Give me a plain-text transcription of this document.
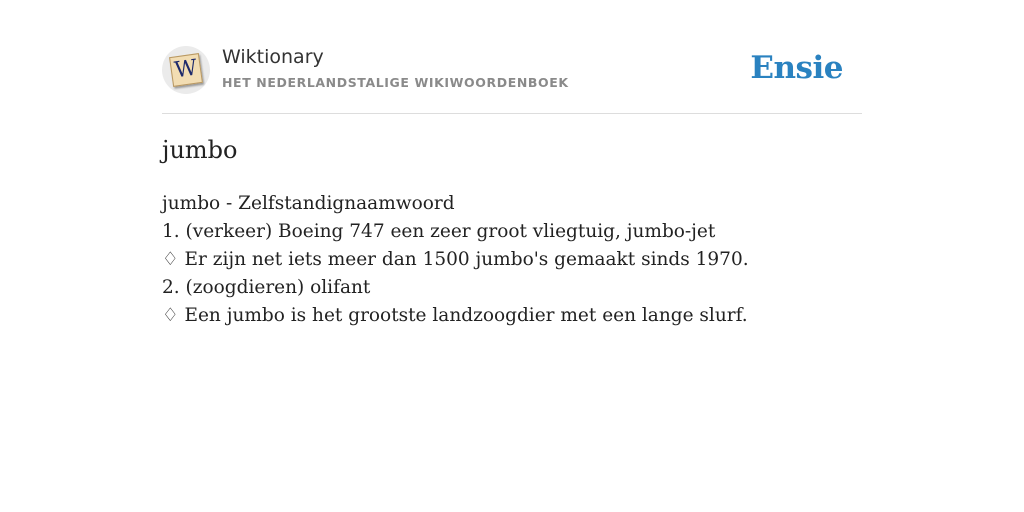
W Wiktionary
HET NEDERLANDSTALIGE WIKIWOORDENBOEK	Ensie
jumbo
jumbo - Zelfstandignaamwoord
1. (verkeer) Boeing 747 een zeer groot vliegtuig, jumbo-jet
♢ Er zijn net iets meer dan 1500 jumbo's gemaakt sinds 1970.
2. (zoogdieren) olifant
♢ Een jumbo is het grootste landzoogdier met een lange slurf.
